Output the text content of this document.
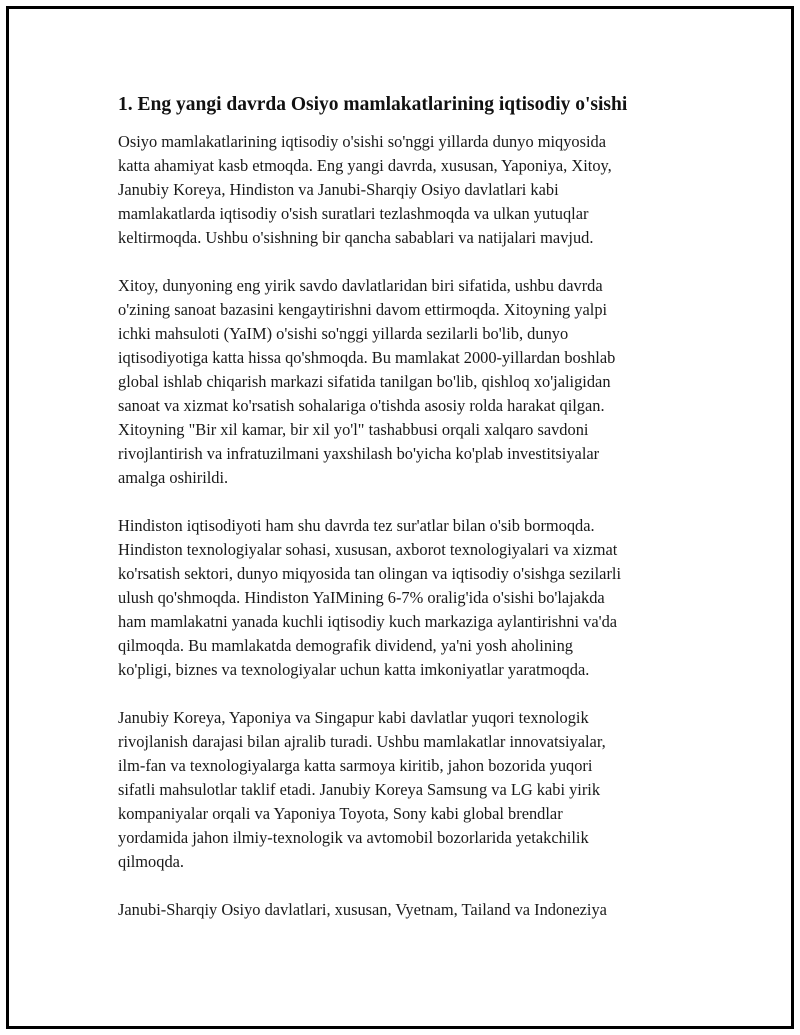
1. Eng yangi davrda Osiyo mamlakatlarining iqtisodiy o'sishi

Osiyo mamlakatlarining iqtisodiy o'sishi so'nggi yillarda dunyo miqyosida
katta ahamiyat kasb etmoqda. Eng yangi davrda, xususan, Yaponiya, Xitoy,
Janubiy Koreya, Hindiston va Janubi-Sharqiy Osiyo davlatlari kabi
mamlakatlarda iqtisodiy o'sish suratlari tezlashmoqda va ulkan yutuqlar
keltirmoqda. Ushbu o'sishning bir qancha sabablari va natijalari mavjud.

Xitoy, dunyoning eng yirik savdo davlatlaridan biri sifatida, ushbu davrda
o'zining sanoat bazasini kengaytirishni davom ettirmoqda. Xitoyning yalpi
ichki mahsuloti (YaIM) o'sishi so'nggi yillarda sezilarli bo'lib, dunyo
iqtisodiyotiga katta hissa qo'shmoqda. Bu mamlakat 2000-yillardan boshlab
global ishlab chiqarish markazi sifatida tanilgan bo'lib, qishloq xo'jaligidan
sanoat va xizmat ko'rsatish sohalariga o'tishda asosiy rolda harakat qilgan.
Xitoyning "Bir xil kamar, bir xil yo'l" tashabbusi orqali xalqaro savdoni
rivojlantirish va infratuzilmani yaxshilash bo'yicha ko'plab investitsiyalar
amalga oshirildi.

Hindiston iqtisodiyoti ham shu davrda tez sur'atlar bilan o'sib bormoqda.
Hindiston texnologiyalar sohasi, xususan, axborot texnologiyalari va xizmat
ko'rsatish sektori, dunyo miqyosida tan olingan va iqtisodiy o'sishga sezilarli
ulush qo'shmoqda. Hindiston YaIMining 6-7% oralig'ida o'sishi bo'lajakda
ham mamlakatni yanada kuchli iqtisodiy kuch markaziga aylantirishni va'da
qilmoqda. Bu mamlakatda demografik dividend, ya'ni yosh aholining
ko'pligi, biznes va texnologiyalar uchun katta imkoniyatlar yaratmoqda.

Janubiy Koreya, Yaponiya va Singapur kabi davlatlar yuqori texnologik
rivojlanish darajasi bilan ajralib turadi. Ushbu mamlakatlar innovatsiyalar,
ilm-fan va texnologiyalarga katta sarmoya kiritib, jahon bozorida yuqori
sifatli mahsulotlar taklif etadi. Janubiy Koreya Samsung va LG kabi yirik
kompaniyalar orqali va Yaponiya Toyota, Sony kabi global brendlar
yordamida jahon ilmiy-texnologik va avtomobil bozorlarida yetakchilik
qilmoqda.

Janubi-Sharqiy Osiyo davlatlari, xususan, Vyetnam, Tailand va Indoneziya
